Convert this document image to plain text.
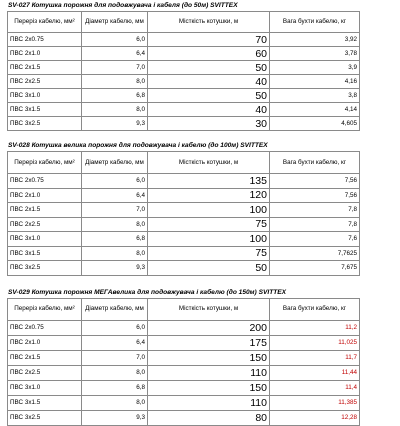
SV-027 Котушка порожня для подовжувача і кабеля (до 50м) SVITTEX
Переріз кабелю, мм²	Діаметр кабелю, мм	Місткість котушки, м	Вага бухти кабелю, кг
ПВС 2х0.75	6,0	70	3,92
ПВС 2х1.0	6,4	60	3,78
ПВС 2х1.5	7,0	50	3,9
ПВС 2х2.5	8,0	40	4,16
ПВС 3х1.0	6,8	50	3,8
ПВС 3х1.5	8,0	40	4,14
ПВС 3х2.5	9,3	30	4,605
SV-028 Котушка велика порожня для подовжувача і кабелю (до 100м) SVITTEX
Переріз кабелю, мм²	Діаметр кабелю, мм	Місткість котушки, м	Вага бухти кабелю, кг
ПВС 2х0.75	6,0	135	7,56
ПВС 2х1.0	6,4	120	7,56
ПВС 2х1.5	7,0	100	7,8
ПВС 2х2.5	8,0	75	7,8
ПВС 3х1.0	6,8	100	7,6
ПВС 3х1.5	8,0	75	7,7625
ПВС 3х2.5	9,3	50	7,675
SV-029 Котушка порожня МЕГАвелика для подовжувача і кабелю (до 150м) SVITTEX
Переріз кабелю, мм²	Діаметр кабелю, мм	Місткість котушки, м	Вага бухти кабелю, кг
ПВС 2х0.75	6,0	200	11,2
ПВС 2х1.0	6,4	175	11,025
ПВС 2х1.5	7,0	150	11,7
ПВС 2х2.5	8,0	110	11,44
ПВС 3х1.0	6,8	150	11,4
ПВС 3х1.5	8,0	110	11,385
ПВС 3х2.5	9,3	80	12,28
